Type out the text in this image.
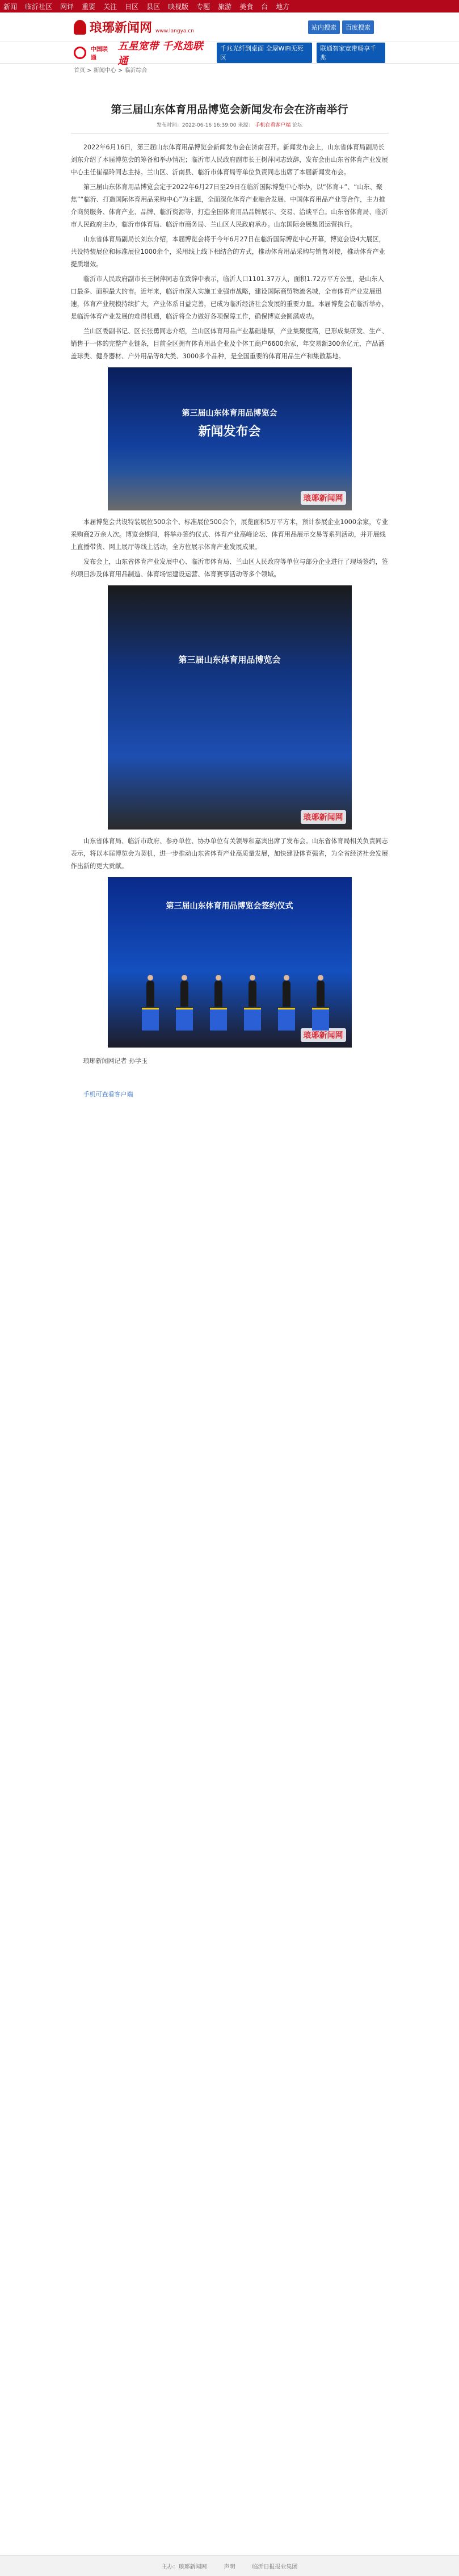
新闻 临沂社区 网评 重要 关注 日区 县区 映视版 专题 旅游 美食 台 地方
琅琊新闻网 www.langya.cn	站内搜索	百度搜索
中国联通
五星宽带 千兆选联通
千兆光纤到桌面 全屋WiFi无死区
联通智家宽带畅享千兆
首页 > 新闻中心 > 临沂综合
第三届山东体育用品博览会新闻发布会在济南举行
发布时间：2022-06-16 16:39:00 来源： 手机在看客户端 论坛

2022年6月16日，第三届山东体育用品博览会新闻发布会在济南召开。新闻发布会上，山东省体育局副局长刘东介绍了本届博览会的筹备和举办情况；临沂市人民政府副市长王树萍同志致辞，发布会由山东省体育产业发展中心主任崔福玲同志主持。兰山区、沂南县、临沂市体育局等单位负责同志出席了本届新闻发布会。

第三届山东体育用品博览会定于2022年6月27日至29日在临沂国际博览中心举办，以“体育+”、“山东、聚焦”“临沂、打造国际体育用品采购中心”为主题，全面深化体育产业融合发展、中国体育用品产业等合作，主力推介商贸服务、体育产业、品牌、临沂资源等，打造全国体育用品品牌展示、交易、洽谈平台。山东省体育局、临沂市人民政府主办，临沂市体育局、临沂市商务局、兰山区人民政府承办。山东国际会展集团运营执行。

山东省体育局副局长刘东介绍，本届博览会将于今年6月27日在临沂国际博览中心开幕，博览会设4大展区，共设特装展位和标准展位1000余个，采用线上线下相结合的方式，推动体育用品采购与销售对接，推动体育产业提质增效。

临沂市人民政府副市长王树萍同志在致辞中表示，临沂人口1101.37万人，面积1.72万平方公里，是山东人口最多、面积最大的市。近年来，临沂市深入实施工业强市战略，建设国际商贸物流名城，全市体育产业发展迅速，体育产业规模持续扩大，产业体系日益完善，已成为临沂经济社会发展的重要力量。本届博览会在临沂举办，是临沂体育产业发展的难得机遇，临沂将全力做好各项保障工作，确保博览会圆满成功。

兰山区委副书记、区长张勇同志介绍，兰山区体育用品产业基础雄厚，产业集聚度高，已形成集研发、生产、销售于一体的完整产业链条，目前全区拥有体育用品企业及个体工商户6600余家，年交易额300余亿元，产品涵盖球类、健身器材、户外用品等8大类、3000多个品种，是全国重要的体育用品生产和集散基地。

第三届山东体育用品博览会
新闻发布会
琅琊新闻网

本届博览会共设特装展位500余个、标准展位500余个，展览面积5万平方米，预计参展企业1000余家，专业采购商2万余人次。博览会期间，将举办签约仪式、体育产业高峰论坛、体育用品展示交易等系列活动，并开展线上直播带货、网上展厅等线上活动，全方位展示体育产业发展成果。

发布会上，山东省体育产业发展中心、临沂市体育局、兰山区人民政府等单位与部分企业进行了现场签约，签约项目涉及体育用品制造、体育场馆建设运营、体育赛事活动等多个领域。

第三届山东体育用品博览会
琅琊新闻网

山东省体育局、临沂市政府、参办单位、协办单位有关领导和嘉宾出席了发布会。山东省体育局相关负责同志表示，将以本届博览会为契机，进一步推动山东省体育产业高质量发展，加快建设体育强省，为全省经济社会发展作出新的更大贡献。

第三届山东体育用品博览会签约仪式
琅琊新闻网
琅琊新闻网记者 孙学玉
手机可查看客户端
主办：琅琊新闻网	声明	临沂日报报业集团
